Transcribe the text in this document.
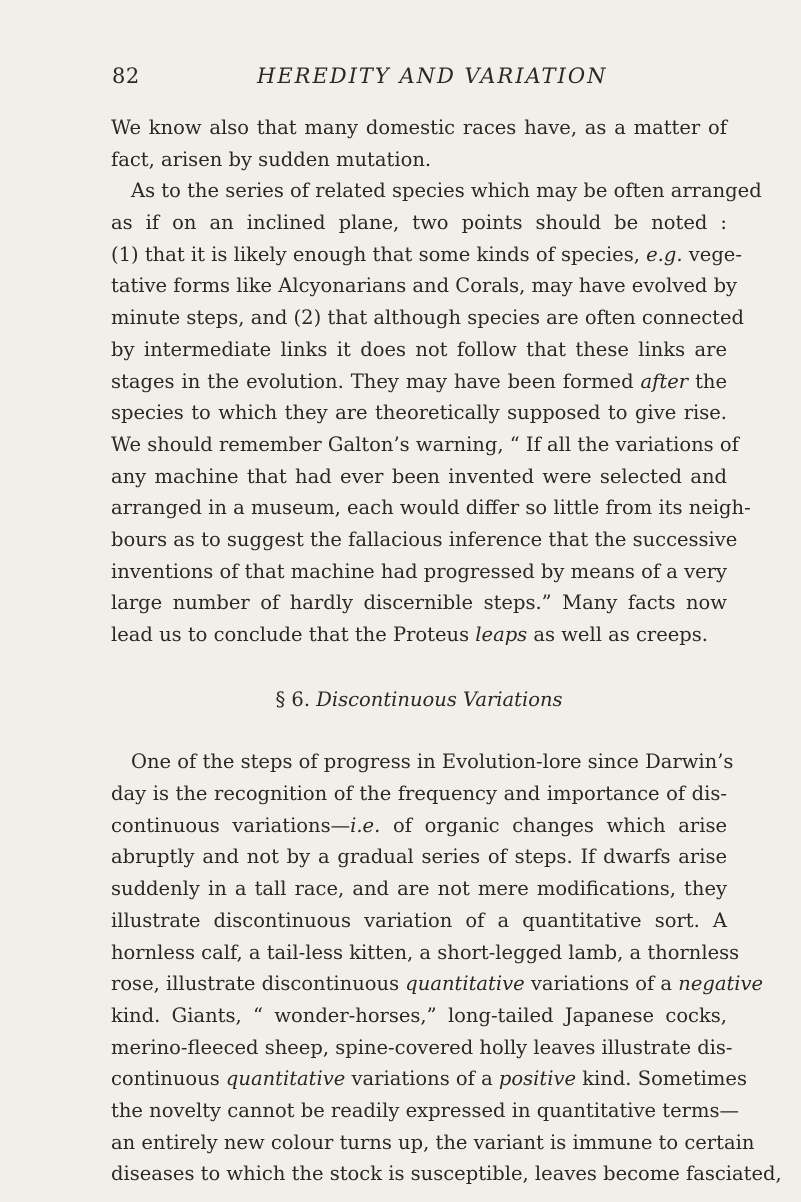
82	HEREDITY AND VARIATION
We know also that many domestic races have, as a matter of
fact, arisen by sudden mutation.
As to the series of related species which may be often arranged
as if on an inclined plane, two points should be noted :
(1) that it is likely enough that some kinds of species, e.g. vege-
tative forms like Alcyonarians and Corals, may have evolved by
minute steps, and (2) that although species are often connected
by intermediate links it does not follow that these links are
stages in the evolution. They may have been formed after the
species to which they are theoretically supposed to give rise.
We should remember Galton’s warning, “ If all the variations of
any machine that had ever been invented were selected and
arranged in a museum, each would differ so little from its neigh-
bours as to suggest the fallacious inference that the successive
inventions of that machine had progressed by means of a very
large number of hardly discernible steps.” Many facts now
lead us to conclude that the Proteus leaps as well as creeps.
§ 6. Discontinuous Variations
One of the steps of progress in Evolution-lore since Darwin’s
day is the recognition of the frequency and importance of dis-
continuous variations—i.e. of organic changes which arise
abruptly and not by a gradual series of steps. If dwarfs arise
suddenly in a tall race, and are not mere modifications, they
illustrate discontinuous variation of a quantitative sort. A
hornless calf, a tail-less kitten, a short-legged lamb, a thornless
rose, illustrate discontinuous quantitative variations of a negative
kind. Giants, “ wonder-horses,” long-tailed Japanese cocks,
merino-fleeced sheep, spine-covered holly leaves illustrate dis-
continuous quantitative variations of a positive kind. Sometimes
the novelty cannot be readily expressed in quantitative terms—
an entirely new colour turns up, the variant is immune to certain
diseases to which the stock is susceptible, leaves become fasciated,
